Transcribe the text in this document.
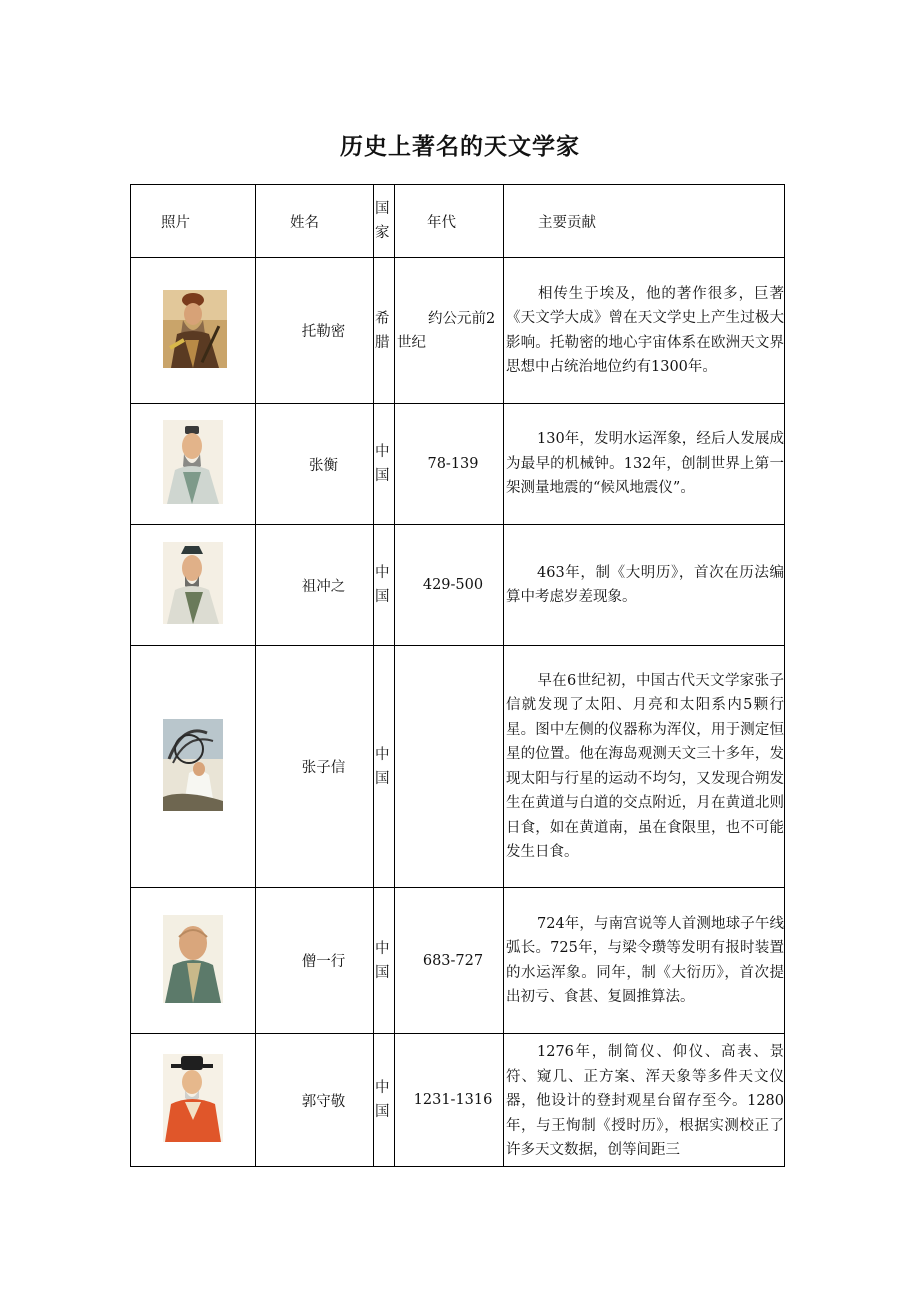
历史上著名的天文学家
照片	姓名	国家	年代	主要贡献

	托勒密	希腊	约公元前2世纪	相传生于埃及，他的著作很多，巨著《天文学大成》曾在天文学史上产生过极大影响。托勒密的地心宇宙体系在欧洲天文界思想中占统治地位约有1300年。

	张衡	中国	78-139	130年，发明水运浑象，经后人发展成为最早的机械钟。132年，创制世界上第一架测量地震的“候风地震仪”。

	祖冲之	中国	429-500	463年，制《大明历》，首次在历法编算中考虑岁差现象。

	张子信	中国		早在6世纪初，中国古代天文学家张子信就发现了太阳、月亮和太阳系内5颗行星。图中左侧的仪器称为浑仪，用于测定恒星的位置。他在海岛观测天文三十多年，发现太阳与行星的运动不均匀，又发现合朔发生在黄道与白道的交点附近，月在黄道北则日食，如在黄道南，虽在食限里，也不可能发生日食。

	僧一行	中国	683-727	724年，与南宫说等人首测地球子午线弧长。725年，与梁令瓒等发明有报时装置的水运浑象。同年，制《大衍历》，首次提出初亏、食甚、复圆推算法。

	郭守敬	中国	1231-1316	1276年，制简仪、仰仪、高表、景符、窥几、正方案、浑天象等多件天文仪器，他设计的登封观星台留存至今。1280年，与王恂制《授时历》，根据实测校正了许多天文数据，创等间距三
